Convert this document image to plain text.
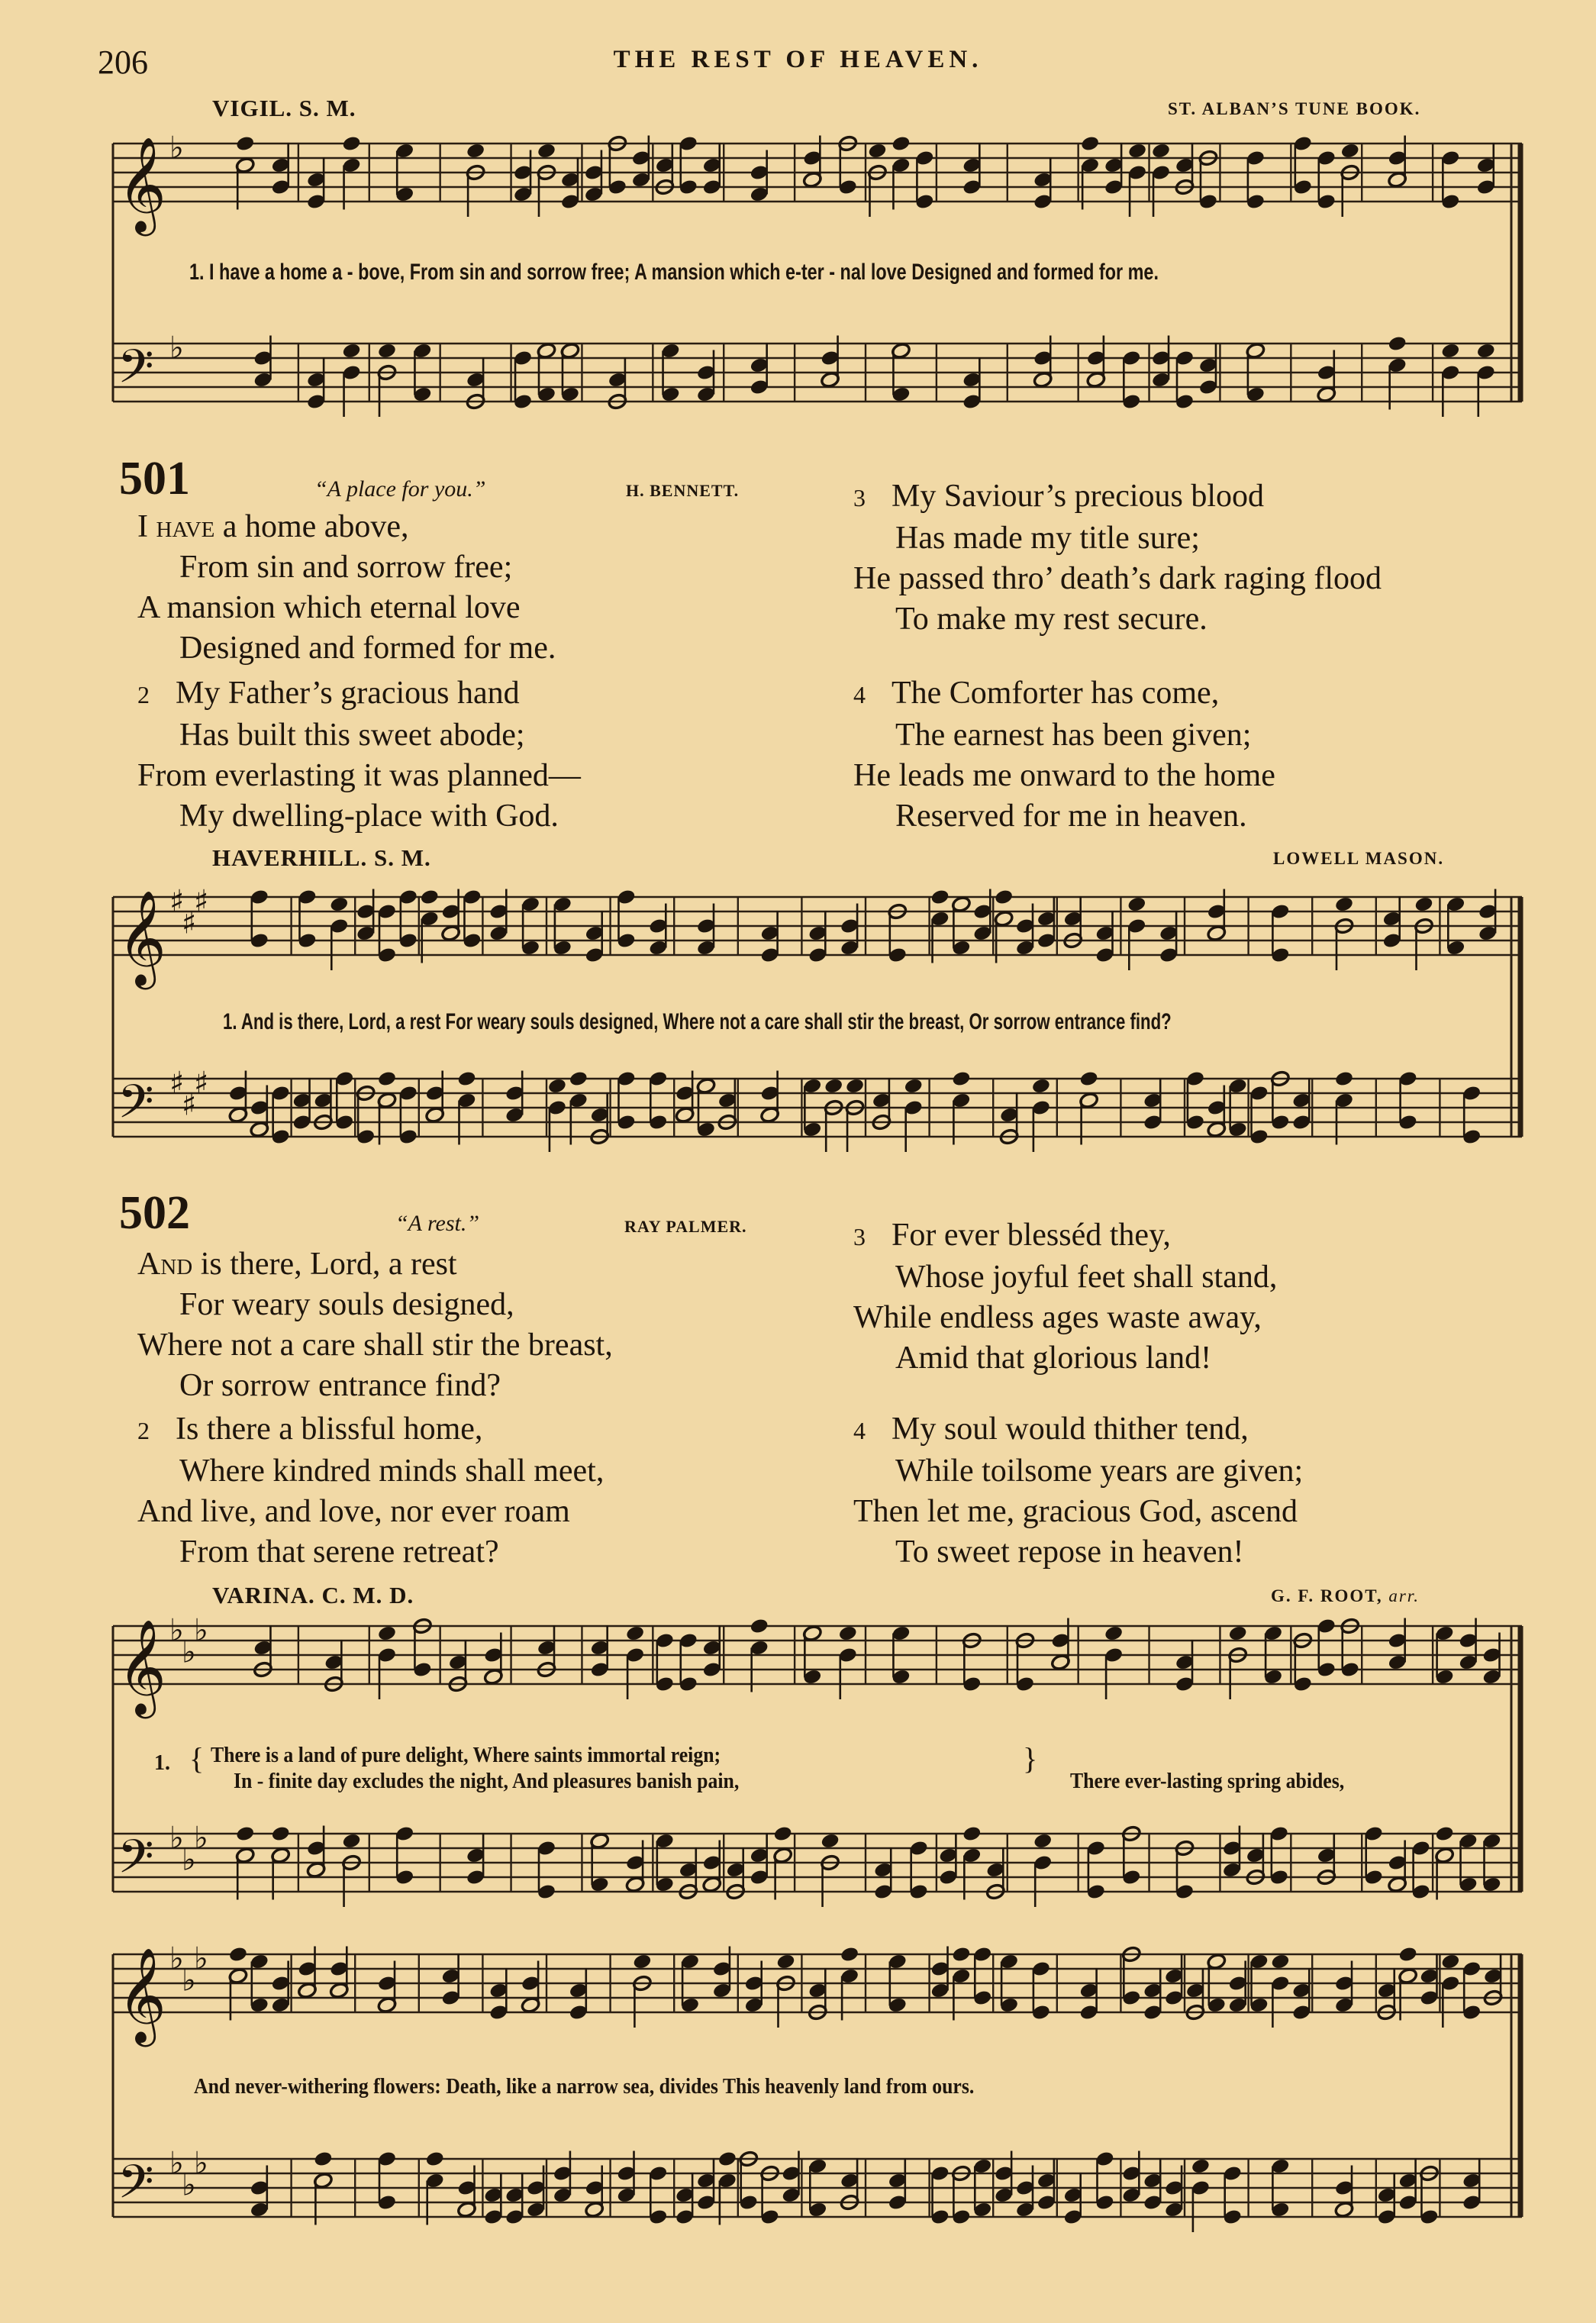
206	THE REST OF HEAVEN.
VIGIL. S. M.	ST. ALBAN’S TUNE BOOK.
𝄞 ♭
𝄢 ♭
1. I have a home a - bove, From sin and sorrow free; A mansion which e-ter - nal love Designed and formed for me.
501	“A place for you.”	H. BENNETT.
I have a home above,
From sin and sorrow free;
A mansion which eternal love
Designed and formed for me.
2 My Father’s gracious hand
Has built this sweet abode;
From everlasting it was planned—
My dwelling-place with God.
3 My Saviour’s precious blood
Has made my title sure;
He passed thro’ death’s dark raging flood
To make my rest secure.
4 The Comforter has come,
The earnest has been given;
He leads me onward to the home
Reserved for me in heaven.
HAVERHILL. S. M.	LOWELL MASON.
𝄞 ♯
♯
♯
𝄢 ♯
♯
♯
1. And is there, Lord, a rest For weary souls designed, Where not a care shall stir the breast, Or sorrow entrance find?
502	“A rest.”	RAY PALMER.
And is there, Lord, a rest
For weary souls designed,
Where not a care shall stir the breast,
Or sorrow entrance find?
2 Is there a blissful home,
Where kindred minds shall meet,
And live, and love, nor ever roam
From that serene retreat?
3 For ever blesséd they,
Whose joyful feet shall stand,
While endless ages waste away,
Amid that glorious land!
4 My soul would thither tend,
While toilsome years are given;
Then let me, gracious God, ascend
To sweet repose in heaven!
VARINA. C. M. D.	G. F. ROOT, arr.
𝄞 ♭
♭
♭
𝄢 ♭
♭
♭
1. { There is a land of pure delight, Where saints immortal reign;
In - finite day excludes the night, And pleasures banish pain,
}
There ever-lasting spring abides,
𝄞 ♭
♭
♭
𝄢 ♭
♭
♭
And never-withering flowers: Death, like a narrow sea, divides This heavenly land from ours.
